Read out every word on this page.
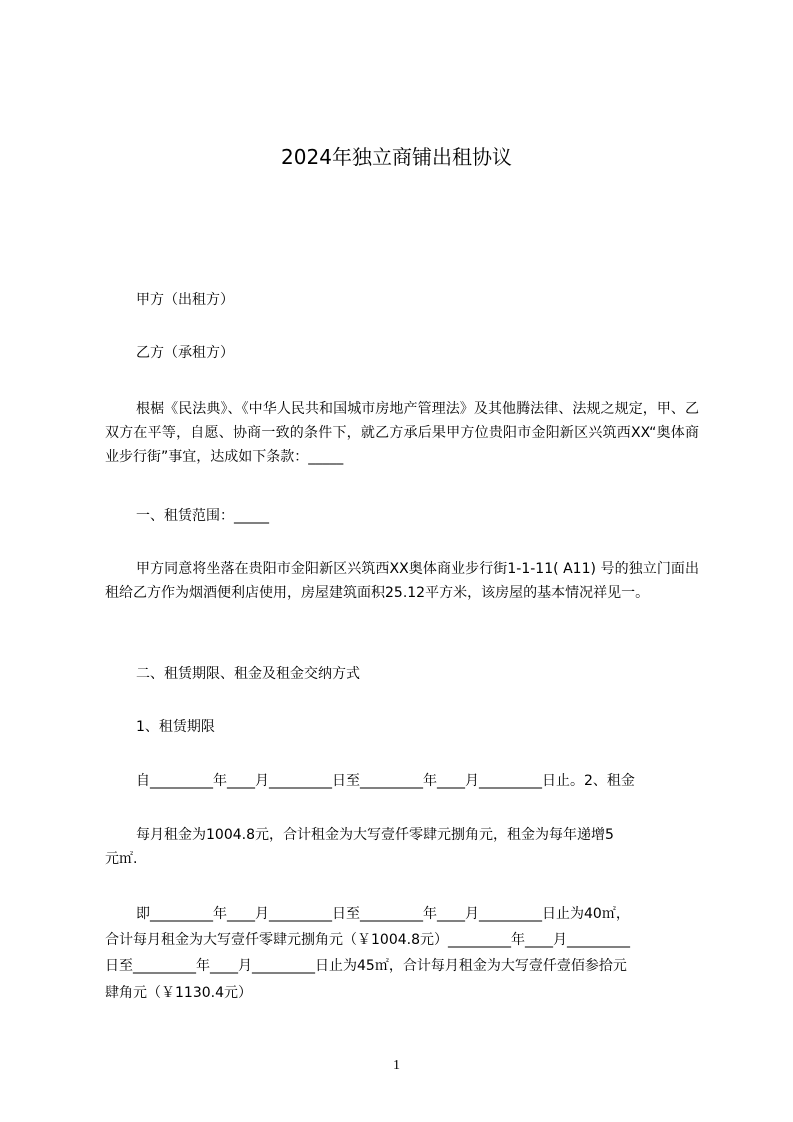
2024年独立商铺出租协议
甲方（出租方）
乙方（承租方）
根椐《民法典》、《中华人民共和国城市房地产管理法》及其他腾法律、法规之规定，甲、乙双方在平等，自愿、协商一致的条件下，就乙方承后果甲方位贵阳市金阳新区兴筑西XX“奥体商业步行街”事宜，达成如下条款：_____
一、租赁范围：_____
甲方同意将坐落在贵阳市金阳新区兴筑西XX奥体商业步行街1-1-11( A11) 号的独立门面出租给乙方作为烟酒便利店使用，房屋建筑面积25.12平方米，该房屋的基本情况祥见一。
二、租赁期限、租金及租金交纳方式
1、租赁期限
自_________年____月_________日至_________年____月_________日止。2、租金
每月租金为1004.8元，合计租金为大写壹仟零肆元捌角元，租金为每年递增5
元㎡.
即_________年____月_________日至_________年____月_________日止为40㎡，
合计每月租金为大写壹仟零肆元捌角元（￥1004.8元）_________年____月_________
日至_________年____月_________日止为45㎡，合计每月租金为大写壹仟壹佰参拾元
肆角元（￥1130.4元）
1
